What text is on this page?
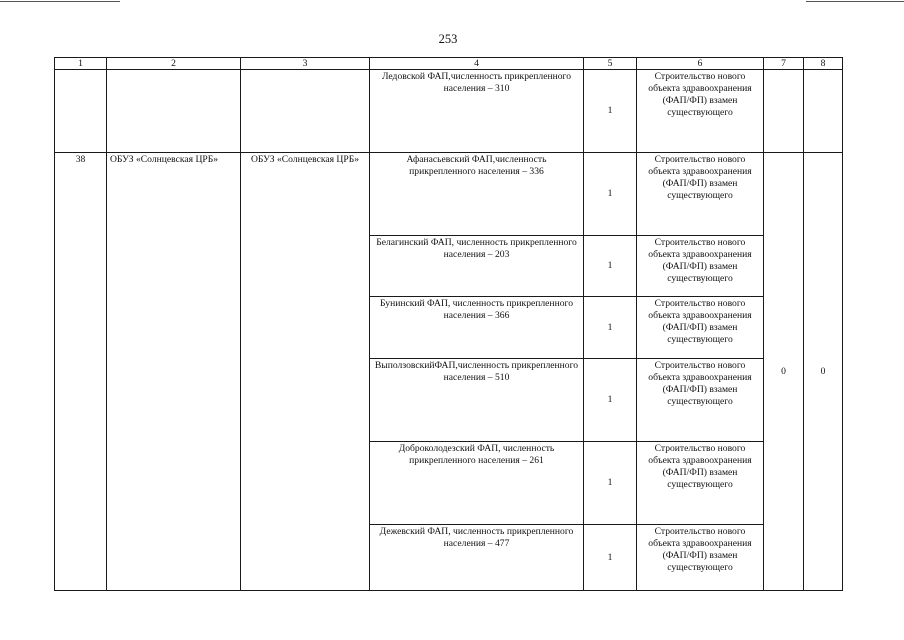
253
1	2	3	4	5	6	7	8
			Ледовской ФАП,численность прикрепленного населения – 310	1	Строительство нового объекта здравоохранения (ФАП/ФП) взамен существующего		
38	ОБУЗ «Солнцевская ЦРБ»	ОБУЗ «Солнцевская ЦРБ»	Афанасьевский ФАП,численность прикрепленного населения – 336	1	Строительство нового объекта здравоохранения (ФАП/ФП) взамен существующего	0	0
			Белагинский ФАП, численность прикрепленного населения – 203	1	Строительство нового объекта здравоохранения (ФАП/ФП) взамен существующего		
			Бунинский ФАП, численность прикрепленного населения – 366	1	Строительство нового объекта здравоохранения (ФАП/ФП) взамен существующего		
			ВыползовскийФАП,численность прикрепленного населения – 510	1	Строительство нового объекта здравоохранения (ФАП/ФП) взамен существующего		
			Доброколодезский ФАП, численность прикрепленного населения – 261	1	Строительство нового объекта здравоохранения (ФАП/ФП) взамен существующего		
			Дежевский ФАП, численность прикрепленного населения – 477	1	Строительство нового объекта здравоохранения (ФАП/ФП) взамен существующего		
